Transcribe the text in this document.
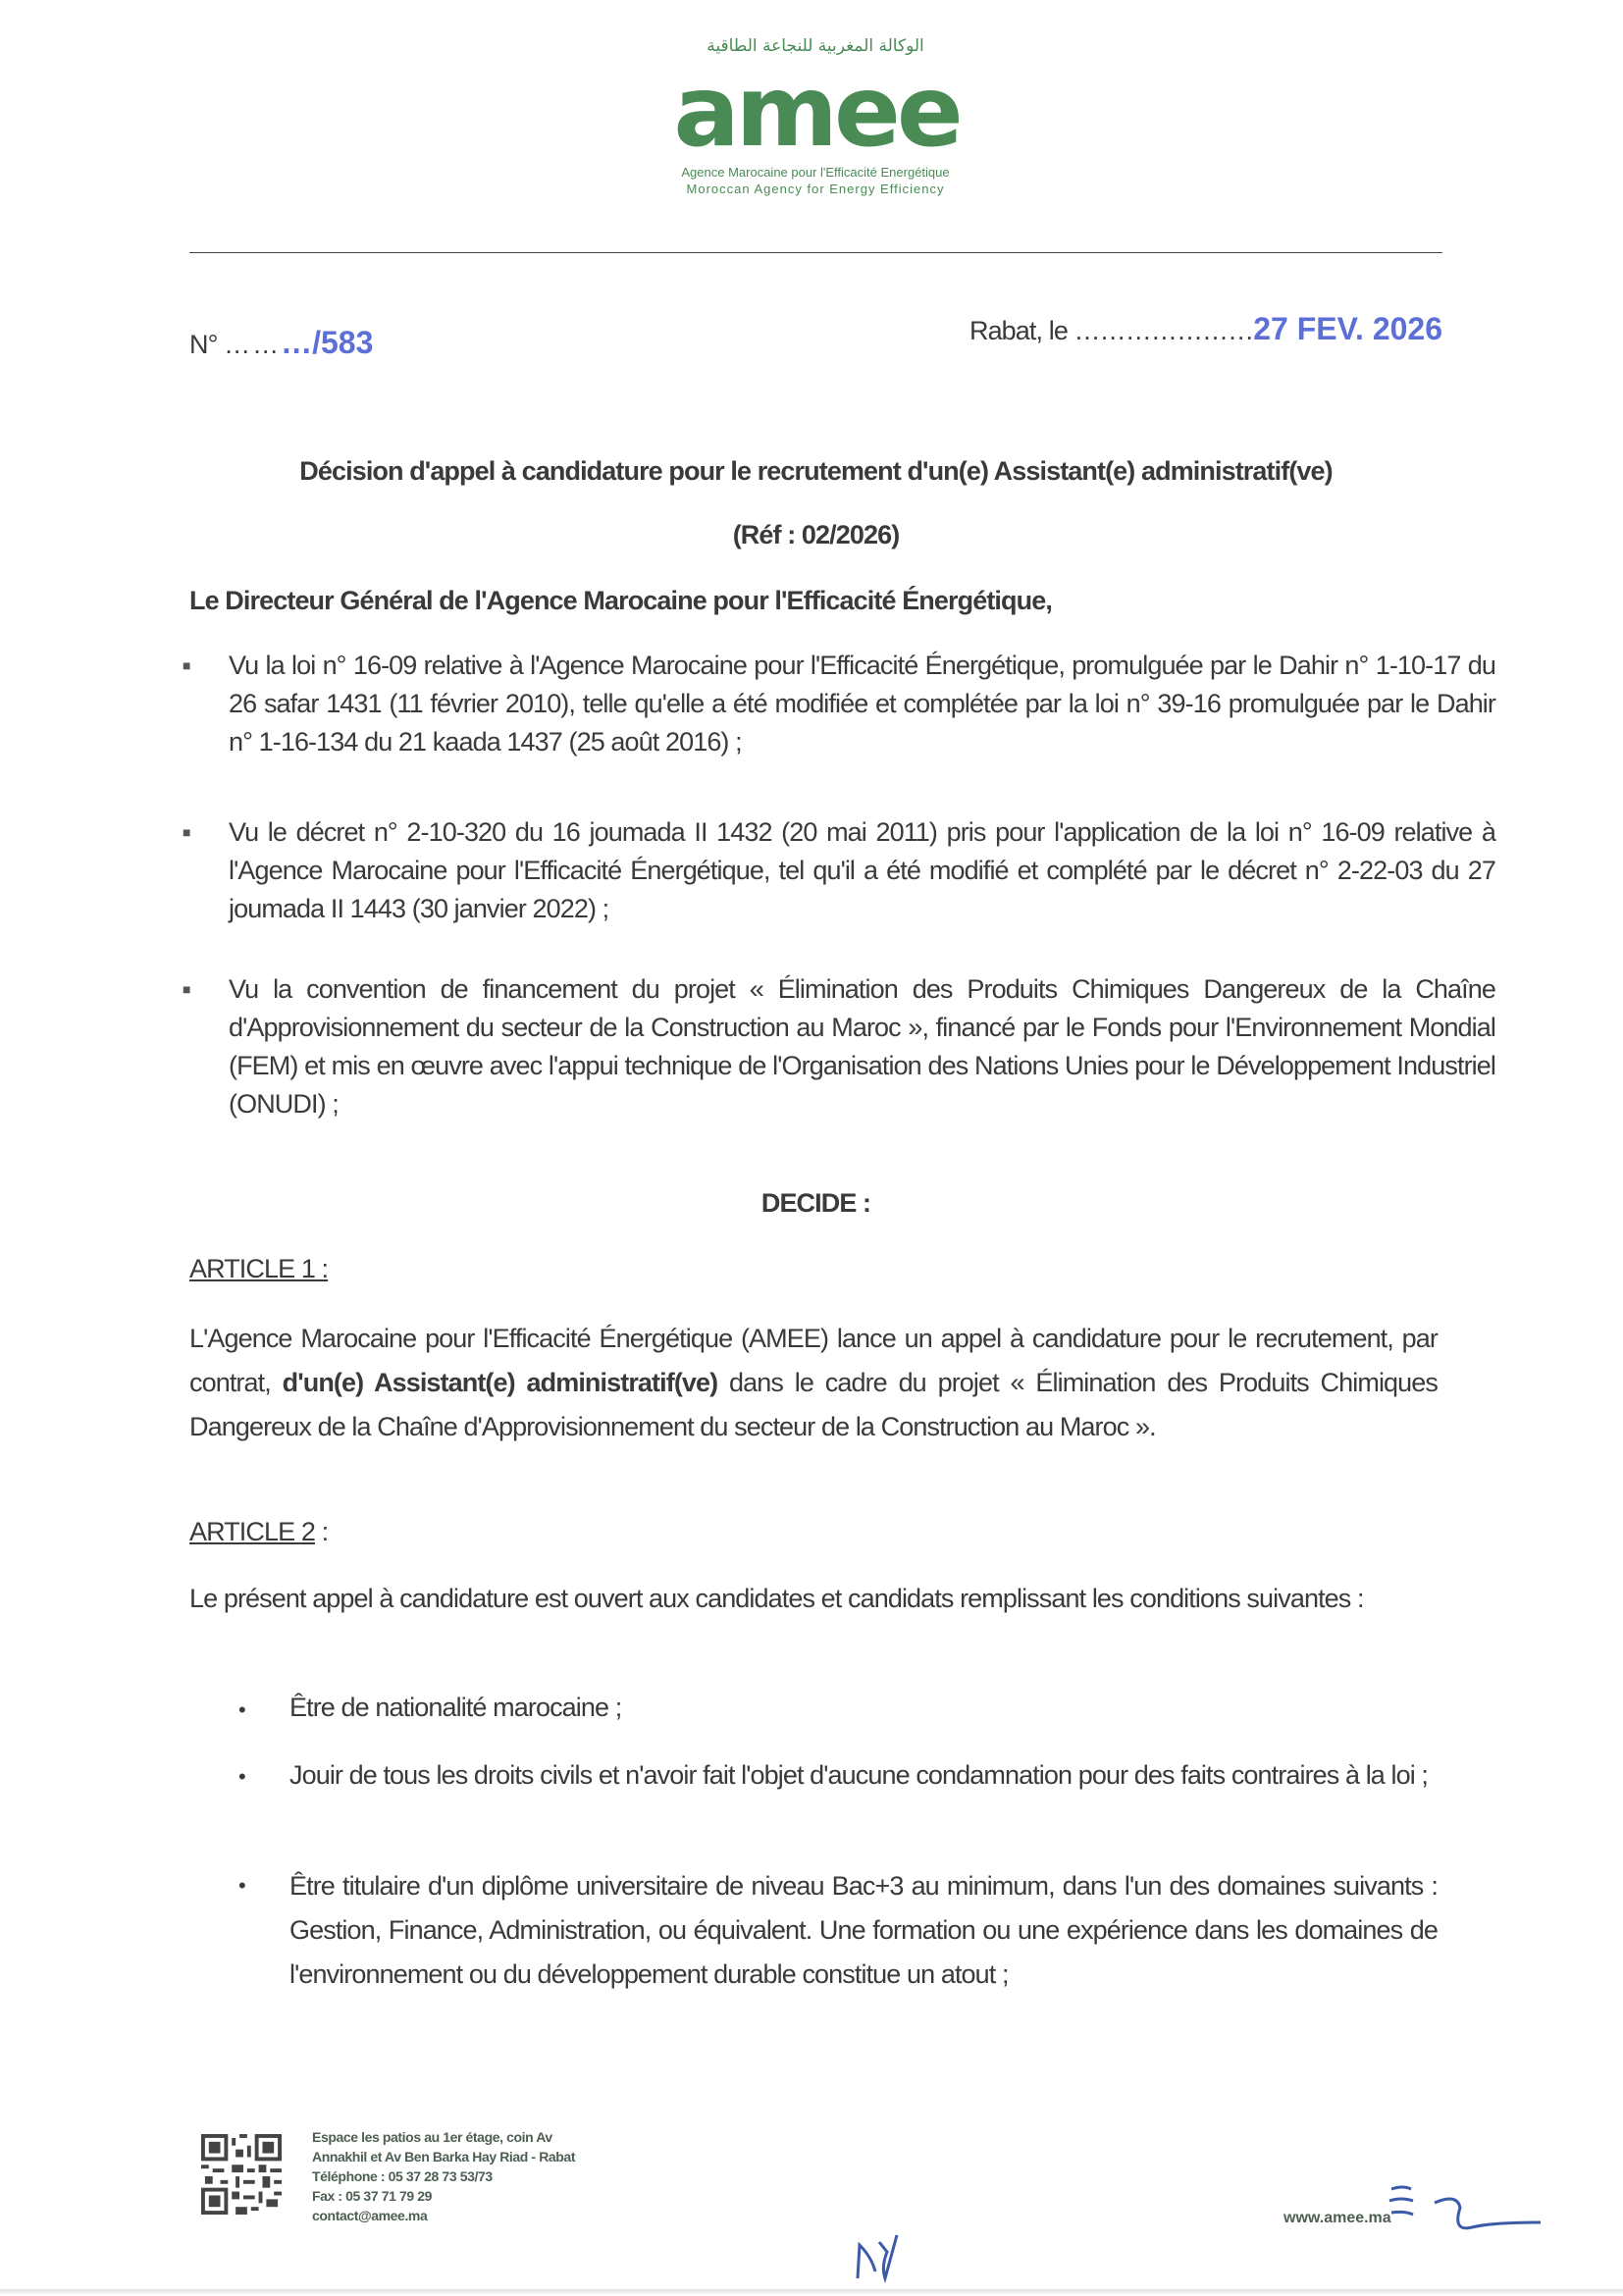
الوكالة المغربية للنجاعة الطاقية
amee
Agence Marocaine pour l'Efficacité Energétique
Moroccan Agency for Energy Efficiency
N° ………/583	Rabat, le …………………27 FEV. 2026
Décision d'appel à candidature pour le recrutement d'un(e) Assistant(e) administratif(ve)
(Réf : 02/2026)
Le Directeur Général de l'Agence Marocaine pour l'Efficacité Énergétique,
■ Vu la loi n° 16-09 relative à l'Agence Marocaine pour l'Efficacité Énergétique, promulguée par le Dahir n° 1-10-17 du 26 safar 1431 (11 février 2010), telle qu'elle a été modifiée et complétée par la loi n° 39-16 promulguée par le Dahir n° 1-16-134 du 21 kaada 1437 (25 août 2016) ;
■ Vu le décret n° 2-10-320 du 16 joumada II 1432 (20 mai 2011) pris pour l'application de la loi n° 16-09 relative à l'Agence Marocaine pour l'Efficacité Énergétique, tel qu'il a été modifié et complété par le décret n° 2-22-03 du 27 joumada II 1443 (30 janvier 2022) ;
■ Vu la convention de financement du projet « Élimination des Produits Chimiques Dangereux de la Chaîne d'Approvisionnement du secteur de la Construction au Maroc », financé par le Fonds pour l'Environnement Mondial (FEM) et mis en œuvre avec l'appui technique de l'Organisation des Nations Unies pour le Développement Industriel (ONUDI) ;
DECIDE :
ARTICLE 1 :
L'Agence Marocaine pour l'Efficacité Énergétique (AMEE) lance un appel à candidature pour le recrutement, par contrat, d'un(e) Assistant(e) administratif(ve) dans le cadre du projet « Élimination des Produits Chimiques Dangereux de la Chaîne d'Approvisionnement du secteur de la Construction au Maroc ».
ARTICLE 2 :
Le présent appel à candidature est ouvert aux candidates et candidats remplissant les conditions suivantes :
• Être de nationalité marocaine ;
• Jouir de tous les droits civils et n'avoir fait l'objet d'aucune condamnation pour des faits contraires à la loi ;
• Être titulaire d'un diplôme universitaire de niveau Bac+3 au minimum, dans l'un des domaines suivants : Gestion, Finance, Administration, ou équivalent. Une formation ou une expérience dans les domaines de l'environnement ou du développement durable constitue un atout ;
Espace les patios au 1er étage, coin Av
Annakhil et Av Ben Barka Hay Riad - Rabat
Téléphone : 05 37 28 73 53/73
Fax : 05 37 71 79 29
contact@amee.ma	www.amee.ma
